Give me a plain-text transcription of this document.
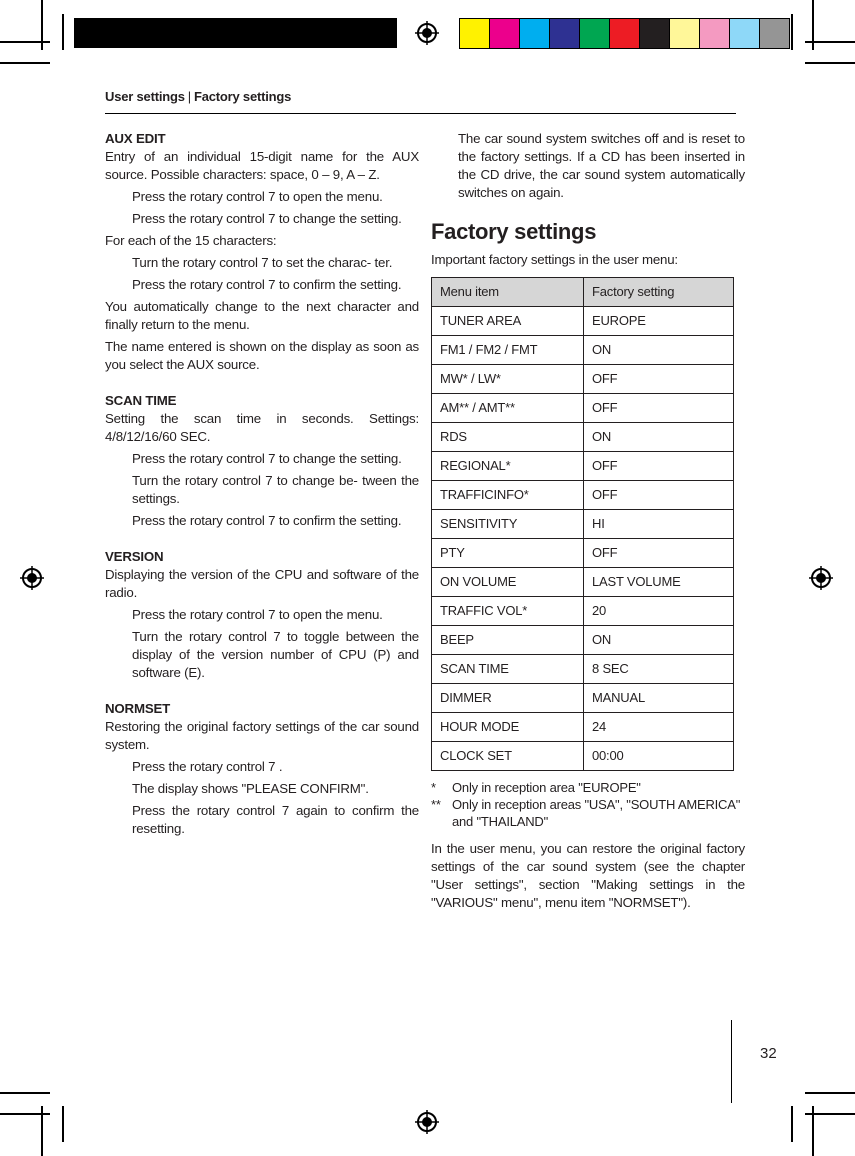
User settings | Factory settings
AUX EDIT

Entry of an individual 15-digit name for the AUX source. Possible characters: space, 0 – 9, A – Z.

Press the rotary control 7 to open the menu.

Press the rotary control 7 to change the setting.

For each of the 15 characters:

Turn the rotary control 7 to set the charac- ter.

Press the rotary control 7 to confirm the setting.

You automatically change to the next character and finally return to the menu.

The name entered is shown on the display as soon as you select the AUX source.

SCAN TIME

Setting the scan time in seconds. Settings: 4/8/12/16/60 SEC.

Press the rotary control 7 to change the setting.

Turn the rotary control 7 to change be- tween the settings.

Press the rotary control 7 to confirm the setting.

VERSION

Displaying the version of the CPU and software of the radio.

Press the rotary control 7 to open the menu.

Turn the rotary control 7 to toggle between the display of the version number of CPU (P) and software (E).

NORMSET

Restoring the original factory settings of the car sound system.

Press the rotary control 7 .

The display shows "PLEASE CONFIRM".

Press the rotary control 7 again to confirm the resetting.

The car sound system switches off and is reset to the factory settings. If a CD has been inserted in the CD drive, the car sound system automatically switches on again.

Factory settings

Important factory settings in the user menu:

Menu item	Factory setting
TUNER AREA	EUROPE
FM1 / FM2 / FMT	ON
MW* / LW*	OFF
AM** / AMT**	OFF
RDS	ON
REGIONAL*	OFF
TRAFFICINFO*	OFF
SENSITIVITY	HI
PTY	OFF
ON VOLUME	LAST VOLUME
TRAFFIC VOL*	20
BEEP	ON
SCAN TIME	8 SEC
DIMMER	MANUAL
HOUR MODE	24
CLOCK SET	00:00
* Only in reception area "EUROPE"
** Only in reception areas "USA", "SOUTH AMERICA" and "THAILAND"

In the user menu, you can restore the original factory settings of the car sound system (see the chapter "User settings", section "Making settings in the "VARIOUS" menu", menu item "NORMSET").

32
